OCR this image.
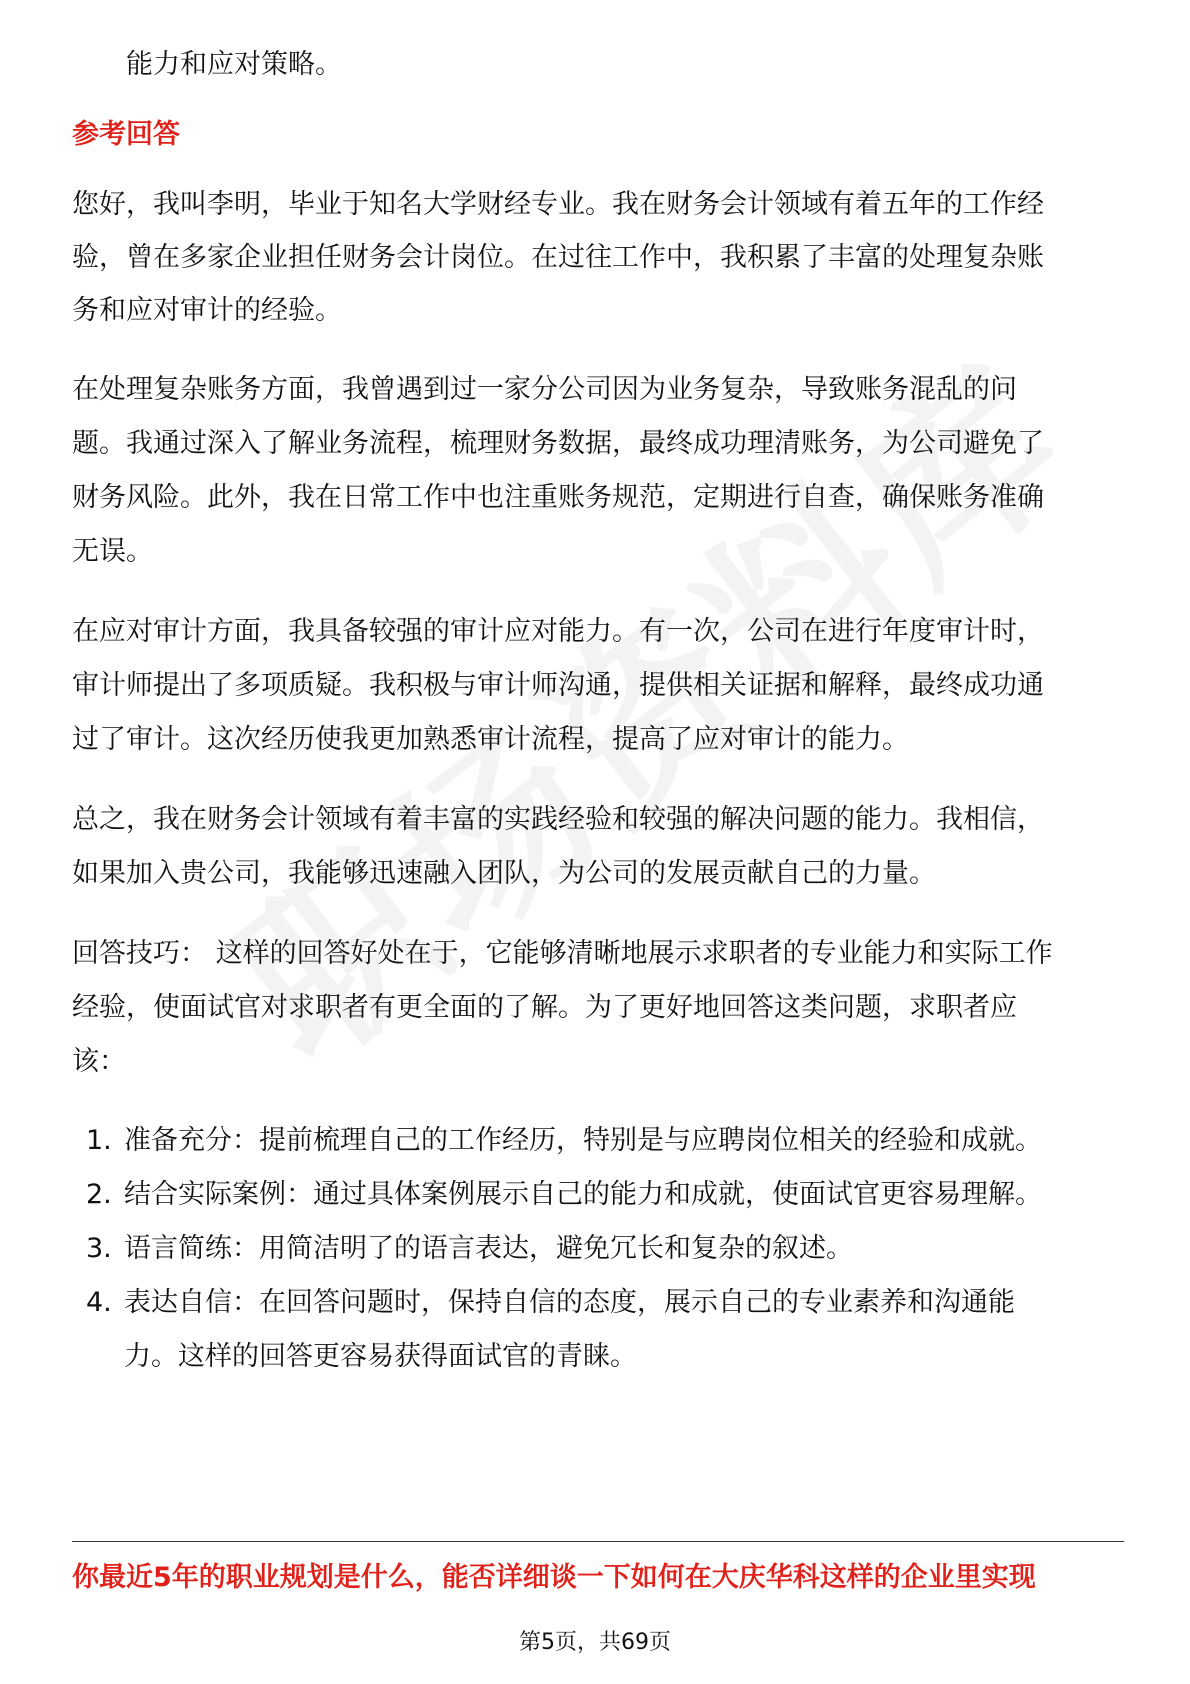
能力和应对策略。
参考回答
您好，我叫李明，毕业于知名大学财经专业。我在财务会计领域有着五年的工作经
验，曾在多家企业担任财务会计岗位。在过往工作中，我积累了丰富的处理复杂账
务和应对审计的经验。
在处理复杂账务方面，我曾遇到过一家分公司因为业务复杂，导致账务混乱的问
题。我通过深入了解业务流程，梳理财务数据，最终成功理清账务，为公司避免了
财务风险。此外，我在日常工作中也注重账务规范，定期进行自查，确保账务准确
无误。
在应对审计方面，我具备较强的审计应对能力。有一次，公司在进行年度审计时，
审计师提出了多项质疑。我积极与审计师沟通，提供相关证据和解释，最终成功通
过了审计。这次经历使我更加熟悉审计流程，提高了应对审计的能力。
总之，我在财务会计领域有着丰富的实践经验和较强的解决问题的能力。我相信，
如果加入贵公司，我能够迅速融入团队，为公司的发展贡献自己的力量。
回答技巧： 这样的回答好处在于，它能够清晰地展示求职者的专业能力和实际工作
经验，使面试官对求职者有更全面的了解。为了更好地回答这类问题，求职者应
该：
1. 准备充分：提前梳理自己的工作经历，特别是与应聘岗位相关的经验和成就。
2. 结合实际案例：通过具体案例展示自己的能力和成就，使面试官更容易理解。
3. 语言简练：用简洁明了的语言表达，避免冗长和复杂的叙述。
4. 表达自信：在回答问题时，保持自信的态度，展示自己的专业素养和沟通能
力。这样的回答更容易获得面试官的青睐。
你最近5年的职业规划是什么，能否详细谈一下如何在大庆华科这样的企业里实现
第5页，共69页
